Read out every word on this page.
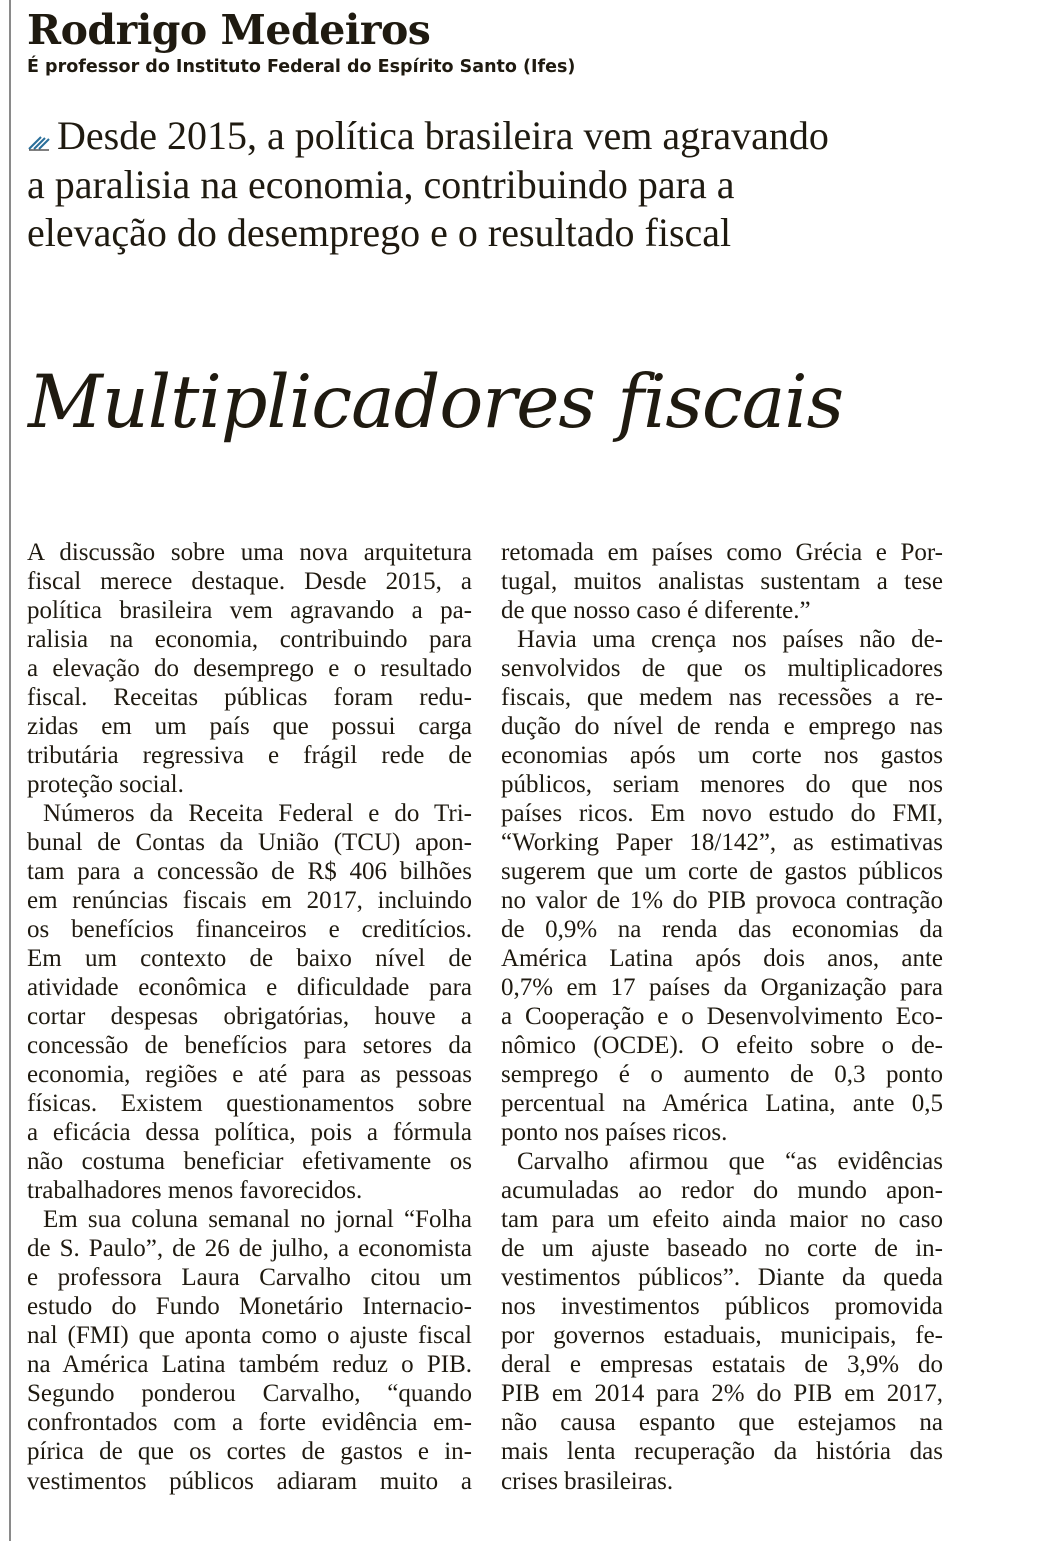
Rodrigo Medeiros
É professor do Instituto Federal do Espírito Santo (Ifes)
Desde 2015, a política brasileira vem agravando
a paralisia na economia, contribuindo para a
elevação do desemprego e o resultado fiscal
Multiplicadores fiscais
A discussão sobre uma nova arquitetura
fiscal merece destaque. Desde 2015, a
política brasileira vem agravando a pa-
ralisia na economia, contribuindo para
a elevação do desemprego e o resultado
fiscal. Receitas públicas foram redu-
zidas em um país que possui carga
tributária regressiva e frágil rede de
proteção social.
Números da Receita Federal e do Tri-
bunal de Contas da União (TCU) apon-
tam para a concessão de R$ 406 bilhões
em renúncias fiscais em 2017, incluindo
os benefícios financeiros e creditícios.
Em um contexto de baixo nível de
atividade econômica e dificuldade para
cortar despesas obrigatórias, houve a
concessão de benefícios para setores da
economia, regiões e até para as pessoas
físicas. Existem questionamentos sobre
a eficácia dessa política, pois a fórmula
não costuma beneficiar efetivamente os
trabalhadores menos favorecidos.
Em sua coluna semanal no jornal “Folha
de S. Paulo”, de 26 de julho, a economista
e professora Laura Carvalho citou um
estudo do Fundo Monetário Internacio-
nal (FMI) que aponta como o ajuste fiscal
na América Latina também reduz o PIB.
Segundo ponderou Carvalho, “quando
confrontados com a forte evidência em-
pírica de que os cortes de gastos e in-
vestimentos públicos adiaram muito a
retomada em países como Grécia e Por-
tugal, muitos analistas sustentam a tese
de que nosso caso é diferente.”
Havia uma crença nos países não de-
senvolvidos de que os multiplicadores
fiscais, que medem nas recessões a re-
dução do nível de renda e emprego nas
economias após um corte nos gastos
públicos, seriam menores do que nos
países ricos. Em novo estudo do FMI,
“Working Paper 18/142”, as estimativas
sugerem que um corte de gastos públicos
no valor de 1% do PIB provoca contração
de 0,9% na renda das economias da
América Latina após dois anos, ante
0,7% em 17 países da Organização para
a Cooperação e o Desenvolvimento Eco-
nômico (OCDE). O efeito sobre o de-
semprego é o aumento de 0,3 ponto
percentual na América Latina, ante 0,5
ponto nos países ricos.
Carvalho afirmou que “as evidências
acumuladas ao redor do mundo apon-
tam para um efeito ainda maior no caso
de um ajuste baseado no corte de in-
vestimentos públicos”. Diante da queda
nos investimentos públicos promovida
por governos estaduais, municipais, fe-
deral e empresas estatais de 3,9% do
PIB em 2014 para 2% do PIB em 2017,
não causa espanto que estejamos na
mais lenta recuperação da história das
crises brasileiras.
